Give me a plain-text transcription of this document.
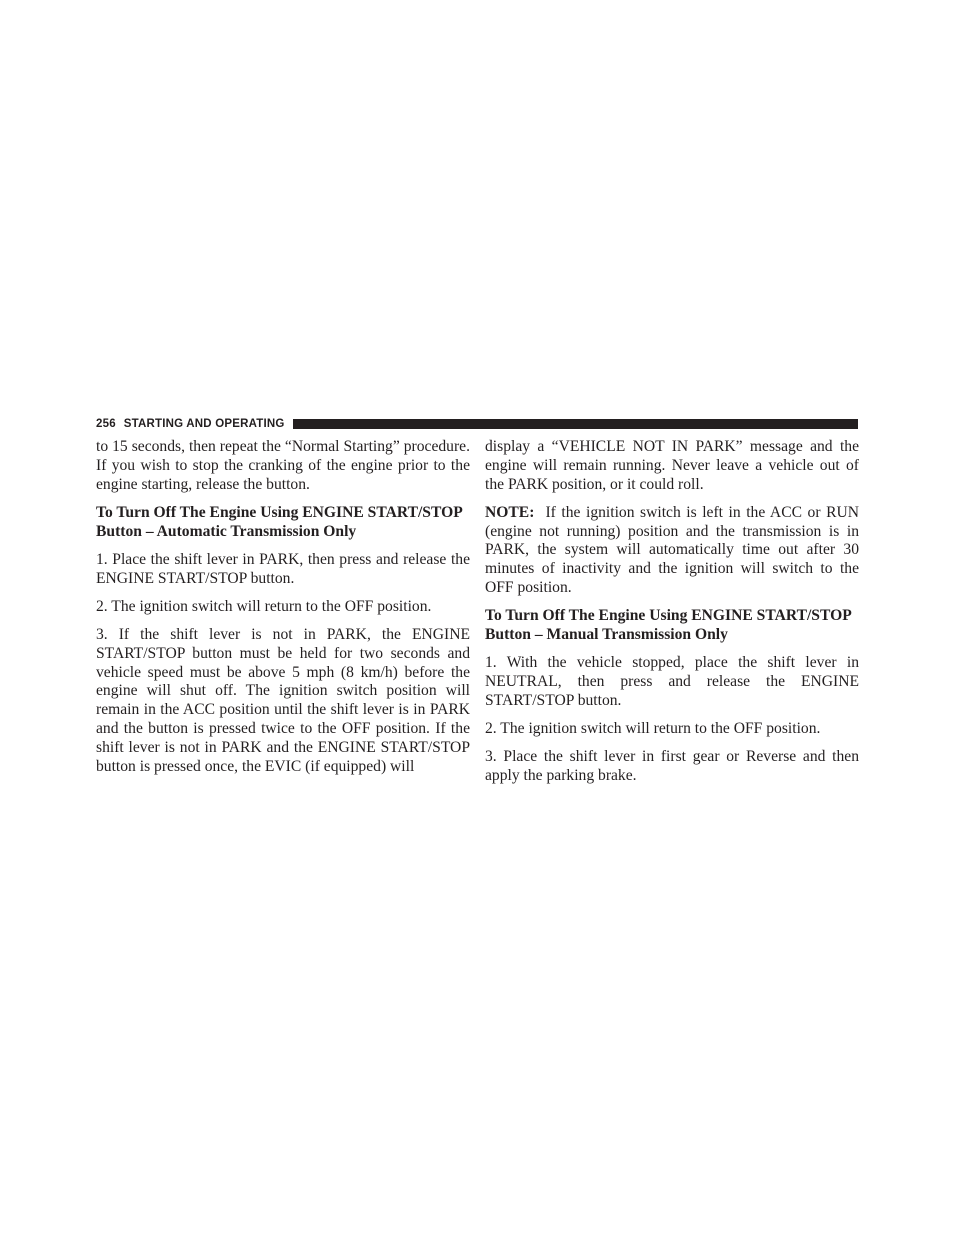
256 STARTING AND OPERATING

to 15 seconds, then repeat the “Normal Starting” procedure. If you wish to stop the cranking of the engine prior to the engine starting, release the button.

To Turn Off The Engine Using ENGINE START/STOP Button – Automatic Transmission Only

1. Place the shift lever in PARK, then press and release the ENGINE START/STOP button.

2. The ignition switch will return to the OFF position.

3. If the shift lever is not in PARK, the ENGINE START/STOP button must be held for two seconds and vehicle speed must be above 5 mph (8 km/h) before the engine will shut off. The ignition switch position will remain in the ACC position until the shift lever is in PARK and the button is pressed twice to the OFF position. If the shift lever is not in PARK and the ENGINE START/STOP button is pressed once, the EVIC (if equipped) will

display a “VEHICLE NOT IN PARK” message and the engine will remain running. Never leave a vehicle out of the PARK position, or it could roll.

NOTE: If the ignition switch is left in the ACC or RUN (engine not running) position and the transmission is in PARK, the system will automatically time out after 30 minutes of inactivity and the ignition will switch to the OFF position.

To Turn Off The Engine Using ENGINE START/STOP Button – Manual Transmission Only

1. With the vehicle stopped, place the shift lever in NEUTRAL, then press and release the ENGINE START/STOP button.

2. The ignition switch will return to the OFF position.

3. Place the shift lever in first gear or Reverse and then apply the parking brake.
